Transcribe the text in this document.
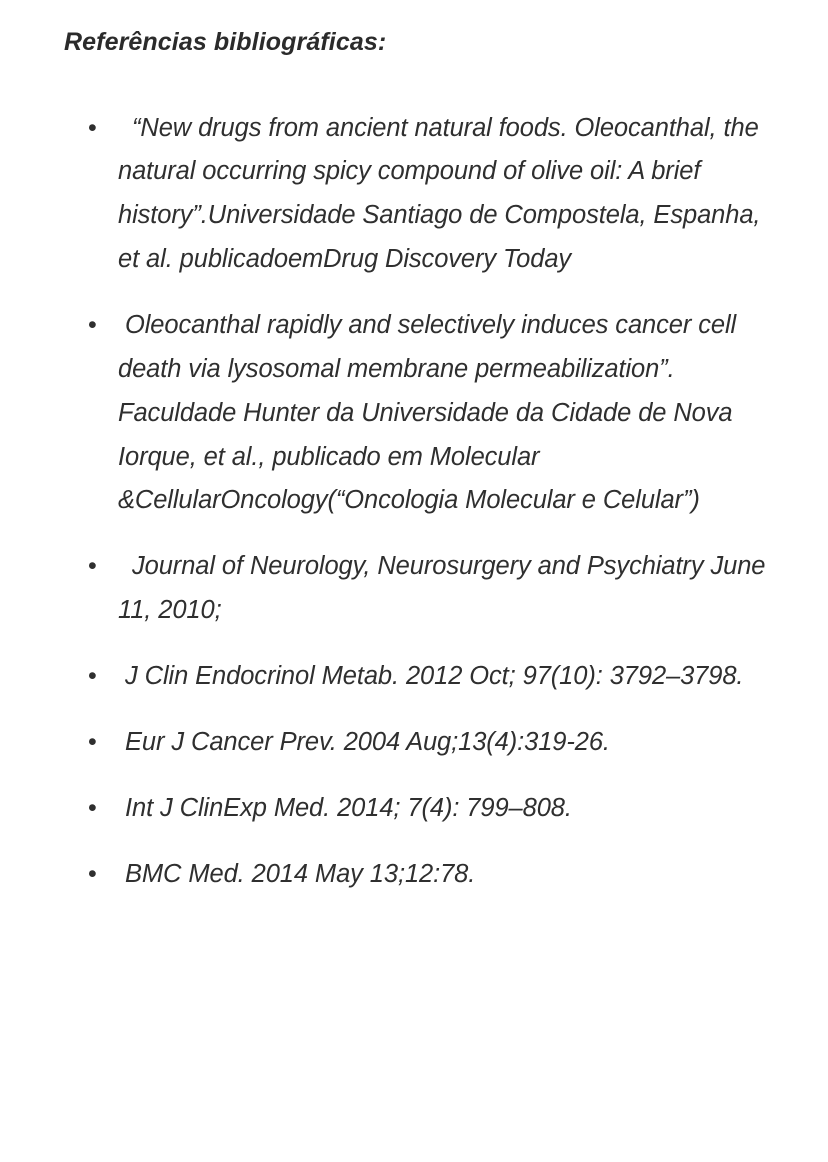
Referências bibliográficas:
• “New drugs from ancient natural foods. Oleocanthal, the natural occurring spicy compound of olive oil: A brief history”.Universidade Santiago de Compostela, Espanha, et al. publicadoemDrug Discovery Today
• Oleocanthal rapidly and selectively induces cancer cell death via lysosomal membrane permeabilization”. Faculdade Hunter da Universidade da Cidade de Nova Iorque, et al., publicado em Molecular &CellularOncology(“Oncologia Molecular e Celular”)
• Journal of Neurology, Neurosurgery and Psychiatry June 11, 2010;
• J Clin Endocrinol Metab. 2012 Oct; 97(10): 3792–3798.
• Eur J Cancer Prev. 2004 Aug;13(4):319-26.
• Int J ClinExp Med. 2014; 7(4): 799–808.
• BMC Med. 2014 May 13;12:78.
